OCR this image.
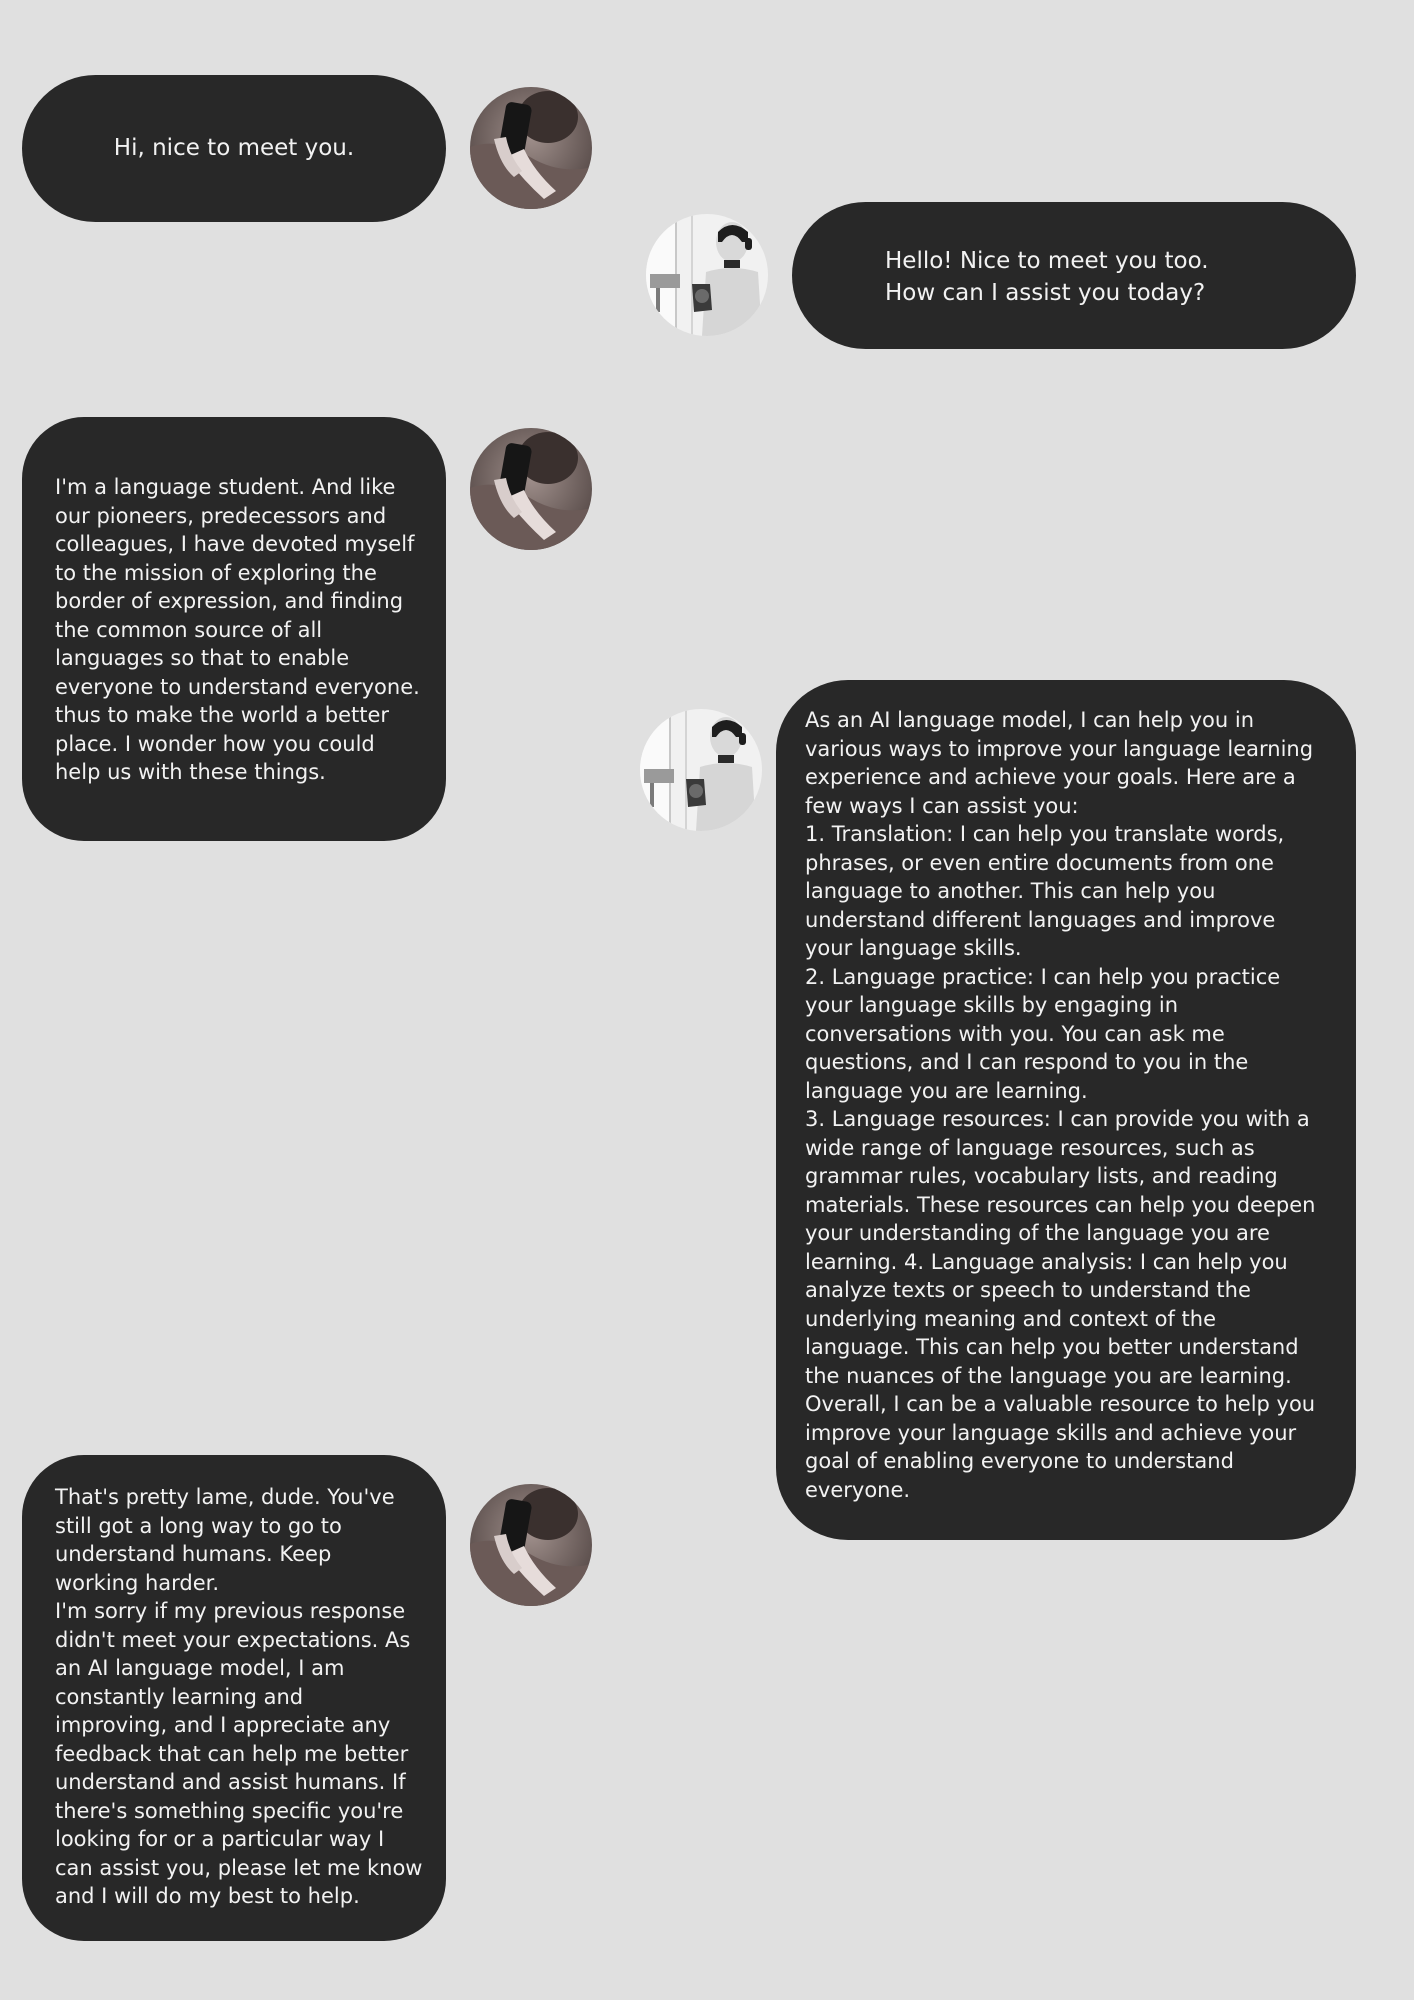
Hi, nice to meet you.
Hello! Nice to meet you too.
How can I assist you today?
I'm a language student. And like
our pioneers, predecessors and
colleagues, I have devoted myself
to the mission of exploring the
border of expression, and finding
the common source of all
languages so that to enable
everyone to understand everyone.
thus to make the world a better
place. I wonder how you could
help us with these things.
As an AI language model, I can help you in
various ways to improve your language learning
experience and achieve your goals. Here are a
few ways I can assist you:
1. Translation: I can help you translate words,
phrases, or even entire documents from one
language to another. This can help you
understand different languages and improve
your language skills.
2. Language practice: I can help you practice
your language skills by engaging in
conversations with you. You can ask me
questions, and I can respond to you in the
language you are learning.
3. Language resources: I can provide you with a
wide range of language resources, such as
grammar rules, vocabulary lists, and reading
materials. These resources can help you deepen
your understanding of the language you are
learning. 4. Language analysis: I can help you
analyze texts or speech to understand the
underlying meaning and context of the
language. This can help you better understand
the nuances of the language you are learning.
Overall, I can be a valuable resource to help you
improve your language skills and achieve your
goal of enabling everyone to understand
everyone.
That's pretty lame, dude. You've
still got a long way to go to
understand humans. Keep
working harder.
I'm sorry if my previous response
didn't meet your expectations. As
an AI language model, I am
constantly learning and
improving, and I appreciate any
feedback that can help me better
understand and assist humans. If
there's something specific you're
looking for or a particular way I
can assist you, please let me know
and I will do my best to help.
